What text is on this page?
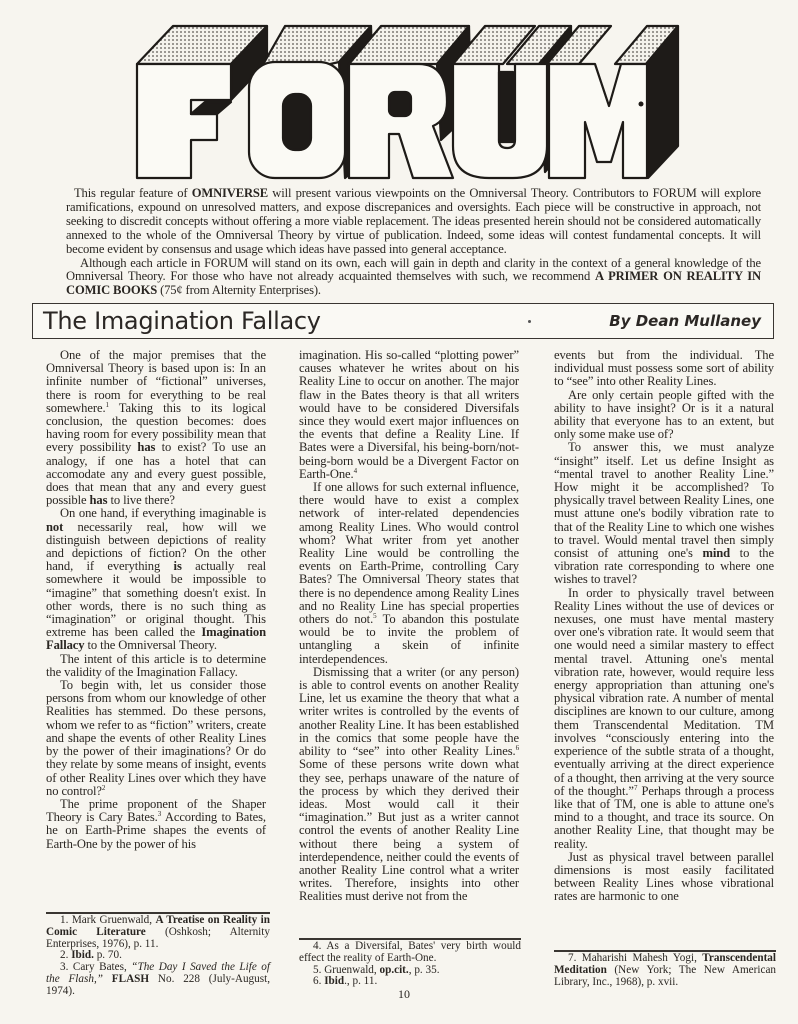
This regular feature of OMNIVERSE will present various viewpoints on the Omniversal Theory. Contributors to FORUM will explore ramifications, expound on unresolved matters, and expose discrepanices and oversights. Each piece will be constructive in approach, not seeking to discredit concepts without offering a more viable replacement. The ideas presented herein should not be considered automatically annexed to the whole of the Omniversal Theory by virtue of publication. Indeed, some ideas will contest fundamental concepts. It will become evident by consensus and usage which ideas have passed into general acceptance.

Although each article in FORUM will stand on its own, each will gain in depth and clarity in the context of a general knowledge of the Omniversal Theory. For those who have not already acquainted themselves with such, we recommend A PRIMER ON REALITY IN COMIC BOOKS (75¢ from Alternity Enterprises).

The Imagination Fallacy	By Dean Mullaney

One of the major premises that the Omniversal Theory is based upon is: In an infinite number of “fictional” universes, there is room for everything to be real somewhere.$^1$ Taking this to its logical conclusion, the question becomes: does having room for every possibility mean that every possibility has to exist? To use an analogy, if one has a hotel that can accomodate any and every guest possible, does that mean that any and every guest possible has to live there?

On one hand, if everything imaginable is not necessarily real, how will we distinguish between depictions of reality and depictions of fiction? On the other hand, if everything is actually real somewhere it would be impossible to “imagine” that something doesn't exist. In other words, there is no such thing as “imagination” or original thought. This extreme has been called the Imagination Fallacy to the Omniversal Theory.

The intent of this article is to determine the validity of the Imagination Fallacy.

To begin with, let us consider those persons from whom our knowledge of other Realities has stemmed. Do these persons, whom we refer to as “fiction” writers, create and shape the events of other Reality Lines by the power of their imaginations? Or do they relate by some means of insight, events of other Reality Lines over which they have no control?$^2$

The prime proponent of the Shaper Theory is Cary Bates.$^3$ According to Bates, he on Earth-Prime shapes the events of Earth-One by the power of his

imagination. His so-called “plotting power” causes whatever he writes about on his Reality Line to occur on another. The major flaw in the Bates theory is that all writers would have to be considered Diversifals since they would exert major influences on the events that define a Reality Line. If Bates were a Diversifal, his being-born/not-being-born would be a Divergent Factor on Earth-One.$^4$

If one allows for such external influence, there would have to exist a complex network of inter-related dependencies among Reality Lines. Who would control whom? What writer from yet another Reality Line would be controlling the events on Earth-Prime, controlling Cary Bates? The Omniversal Theory states that there is no dependence among Reality Lines and no Reality Line has special properties others do not.$^5$ To abandon this postulate would be to invite the problem of untangling a skein of infinite interdependences.

Dismissing that a writer (or any person) is able to control events on another Reality Line, let us examine the theory that what a writer writes is controlled by the events of another Reality Line. It has been established in the comics that some people have the ability to “see” into other Reality Lines.$^6$ Some of these persons write down what they see, perhaps unaware of the nature of the process by which they derived their ideas. Most would call it their “imagination.” But just as a writer cannot control the events of another Reality Line without there being a system of interdependence, neither could the events of another Reality Line control what a writer writes. Therefore, insights into other Realities must derive not from the

events but from the individual. The individual must possess some sort of ability to “see” into other Reality Lines.

Are only certain people gifted with the ability to have insight? Or is it a natural ability that everyone has to an extent, but only some make use of?

To answer this, we must analyze “insight” itself. Let us define Insight as “mental travel to another Reality Line.” How might it be accomplished? To physically travel between Reality Lines, one must attune one's bodily vibration rate to that of the Reality Line to which one wishes to travel. Would mental travel then simply consist of attuning one's mind to the vibration rate corresponding to where one wishes to travel?

In order to physically travel between Reality Lines without the use of devices or nexuses, one must have mental mastery over one's vibration rate. It would seem that one would need a similar mastery to effect mental travel. Attuning one's mental vibration rate, however, would require less energy appropriation than attuning one's physical vibration rate. A number of mental disciplines are known to our culture, among them Transcendental Meditation. TM involves “consciously entering into the experience of the subtle strata of a thought, eventually arriving at the direct experience of a thought, then arriving at the very source of the thought.”$^7$ Perhaps through a process like that of TM, one is able to attune one's mind to a thought, and trace its source. On another Reality Line, that thought may be reality.

Just as physical travel between parallel dimensions is most easily facilitated between Reality Lines whose vibrational rates are harmonic to one

1. Mark Gruenwald, A Treatise on Reality in Comic Literature (Oshkosh; Alternity Enterprises, 1976), p. 11.

2. Ibid. p. 70.

3. Cary Bates, “The Day I Saved the Life of the Flash,” FLASH No. 228 (July-August, 1974).

4. As a Diversifal, Bates' very birth would effect the reality of Earth-One.

5. Gruenwald, op.cit., p. 35.

6. Ibid., p. 11.

7. Maharishi Mahesh Yogi, Transcendental Meditation (New York; The New American Library, Inc., 1968), p. xvii.

10
